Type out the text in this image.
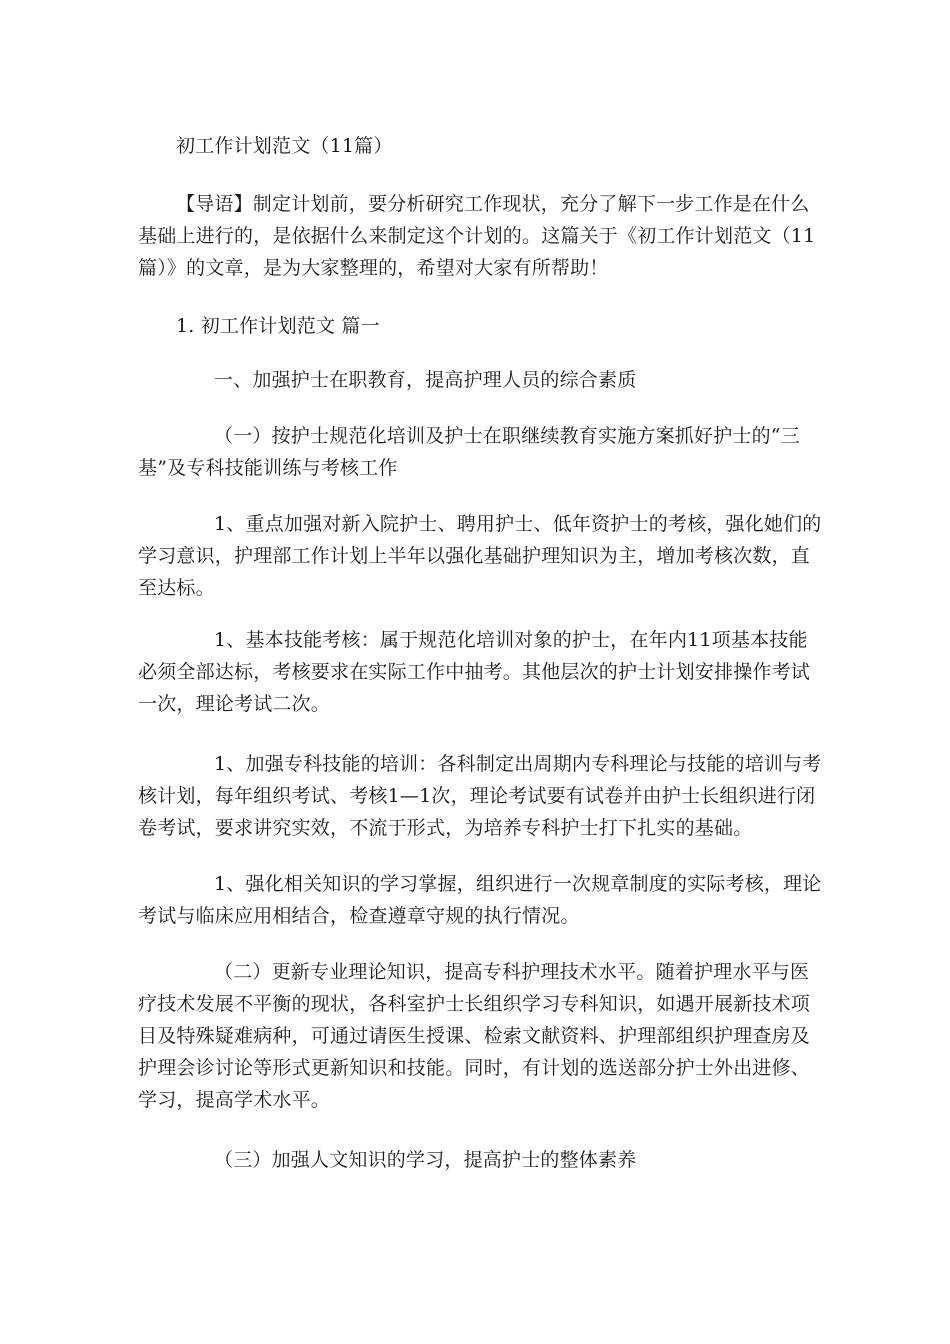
初工作计划范文（11篇）

【导语】制定计划前，要分析研究工作现状，充分了解下一步工作是在什么基础上进行的，是依据什么来制定这个计划的。这篇关于《初工作计划范文（11篇）》的文章，是为大家整理的，希望对大家有所帮助！

1. 初工作计划范文 篇一

一、加强护士在职教育，提高护理人员的综合素质

（一）按护士规范化培训及护士在职继续教育实施方案抓好护士的“三基”及专科技能训练与考核工作

1、重点加强对新入院护士、聘用护士、低年资护士的考核，强化她们的学习意识，护理部工作计划上半年以强化基础护理知识为主，增加考核次数，直至达标。

1、基本技能考核：属于规范化培训对象的护士，在年内11项基本技能必须全部达标，考核要求在实际工作中抽考。其他层次的护士计划安排操作考试一次，理论考试二次。

1、加强专科技能的培训：各科制定出周期内专科理论与技能的培训与考核计划，每年组织考试、考核1—1次，理论考试要有试卷并由护士长组织进行闭卷考试，要求讲究实效，不流于形式，为培养专科护士打下扎实的基础。

1、强化相关知识的学习掌握，组织进行一次规章制度的实际考核，理论考试与临床应用相结合，检查遵章守规的执行情况。

（二）更新专业理论知识，提高专科护理技术水平。随着护理水平与医疗技术发展不平衡的现状，各科室护士长组织学习专科知识，如遇开展新技术项目及特殊疑难病种，可通过请医生授课、检索文献资料、护理部组织护理查房及护理会诊讨论等形式更新知识和技能。同时，有计划的选送部分护士外出进修、学习，提高学术水平。

（三）加强人文知识的学习，提高护士的整体素养
